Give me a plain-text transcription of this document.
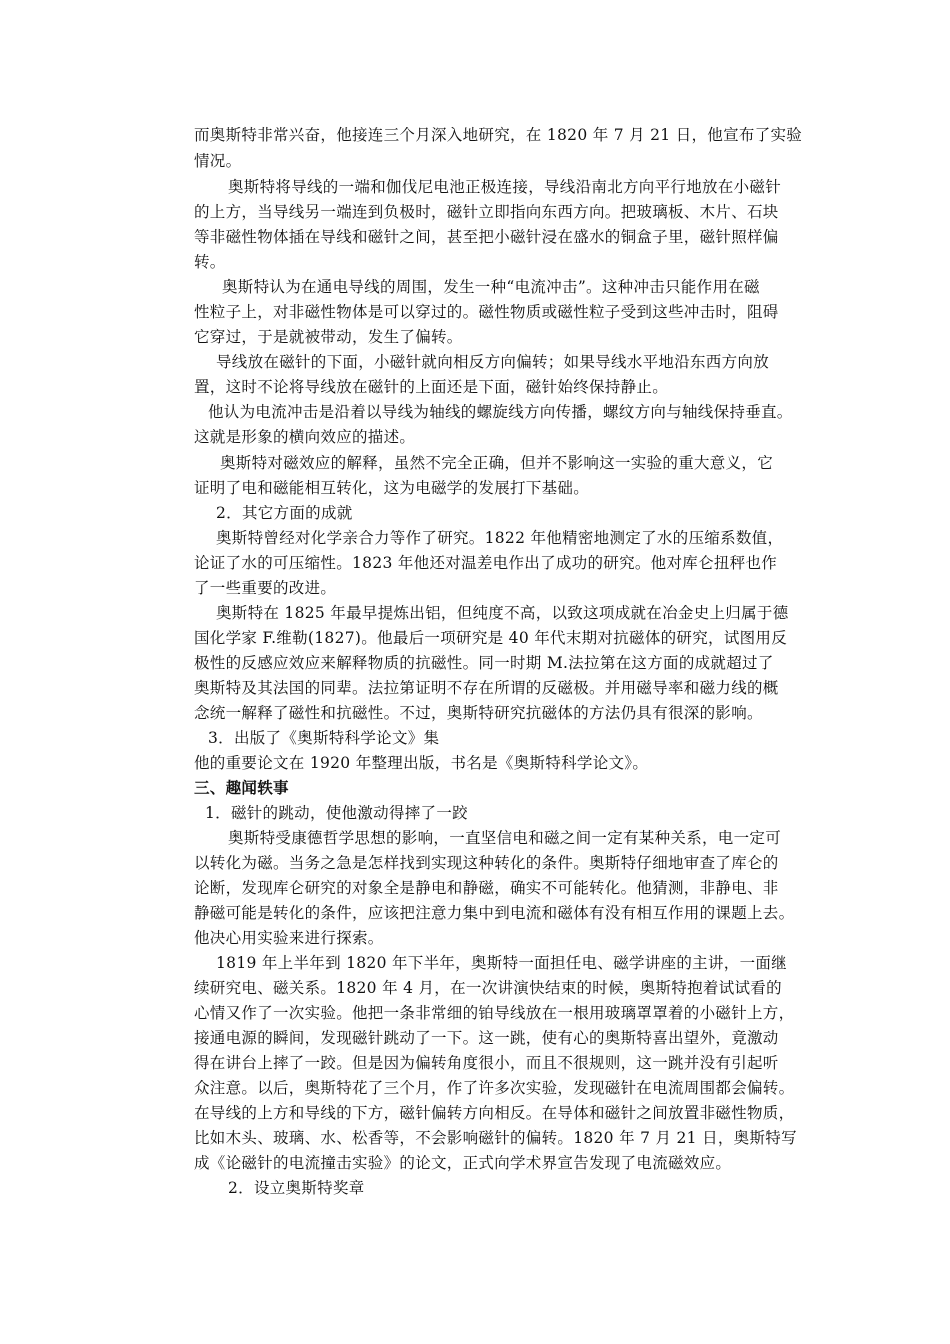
而奥斯特非常兴奋，他接连三个月深入地研究，在 1820 年 7 月 21 日，他宣布了实验
情况。
奥斯特将导线的一端和伽伐尼电池正极连接，导线沿南北方向平行地放在小磁针
的上方，当导线另一端连到负极时，磁针立即指向东西方向。把玻璃板、木片、石块
等非磁性物体插在导线和磁针之间，甚至把小磁针浸在盛水的铜盒子里，磁针照样偏
转。
奥斯特认为在通电导线的周围，发生一种“电流冲击”。这种冲击只能作用在磁
性粒子上，对非磁性物体是可以穿过的。磁性物质或磁性粒子受到这些冲击时，阻碍
它穿过，于是就被带动，发生了偏转。
导线放在磁针的下面，小磁针就向相反方向偏转；如果导线水平地沿东西方向放
置，这时不论将导线放在磁针的上面还是下面，磁针始终保持静止。
他认为电流冲击是沿着以导线为轴线的螺旋线方向传播，螺纹方向与轴线保持垂直。
这就是形象的横向效应的描述。
奥斯特对磁效应的解释，虽然不完全正确，但并不影响这一实验的重大意义，它
证明了电和磁能相互转化，这为电磁学的发展打下基础。
2．其它方面的成就
奥斯特曾经对化学亲合力等作了研究。1822 年他精密地测定了水的压缩系数值，
论证了水的可压缩性。1823 年他还对温差电作出了成功的研究。他对库仑扭秤也作
了一些重要的改进。
奥斯特在 1825 年最早提炼出铝，但纯度不高，以致这项成就在冶金史上归属于德
国化学家 F.维勒(1827)。他最后一项研究是 40 年代末期对抗磁体的研究，试图用反
极性的反感应效应来解释物质的抗磁性。同一时期 M.法拉第在这方面的成就超过了
奥斯特及其法国的同辈。法拉第证明不存在所谓的反磁极。并用磁导率和磁力线的概
念统一解释了磁性和抗磁性。不过，奥斯特研究抗磁体的方法仍具有很深的影响。
3．出版了《奥斯特科学论文》集
他的重要论文在 1920 年整理出版，书名是《奥斯特科学论文》。
三、趣闻轶事
1．磁针的跳动，使他激动得摔了一跤
奥斯特受康德哲学思想的影响，一直坚信电和磁之间一定有某种关系，电一定可
以转化为磁。当务之急是怎样找到实现这种转化的条件。奥斯特仔细地审查了库仑的
论断，发现库仑研究的对象全是静电和静磁，确实不可能转化。他猜测，非静电、非
静磁可能是转化的条件，应该把注意力集中到电流和磁体有没有相互作用的课题上去。
他决心用实验来进行探索。
1819 年上半年到 1820 年下半年，奥斯特一面担任电、磁学讲座的主讲，一面继
续研究电、磁关系。1820 年 4 月，在一次讲演快结束的时候，奥斯特抱着试试看的
心情又作了一次实验。他把一条非常细的铂导线放在一根用玻璃罩罩着的小磁针上方，
接通电源的瞬间，发现磁针跳动了一下。这一跳，使有心的奥斯特喜出望外，竟激动
得在讲台上摔了一跤。但是因为偏转角度很小，而且不很规则，这一跳并没有引起听
众注意。以后，奥斯特花了三个月，作了许多次实验，发现磁针在电流周围都会偏转。
在导线的上方和导线的下方，磁针偏转方向相反。在导体和磁针之间放置非磁性物质，
比如木头、玻璃、水、松香等，不会影响磁针的偏转。1820 年 7 月 21 日，奥斯特写
成《论磁针的电流撞击实验》的论文，正式向学术界宣告发现了电流磁效应。
2．设立奥斯特奖章
